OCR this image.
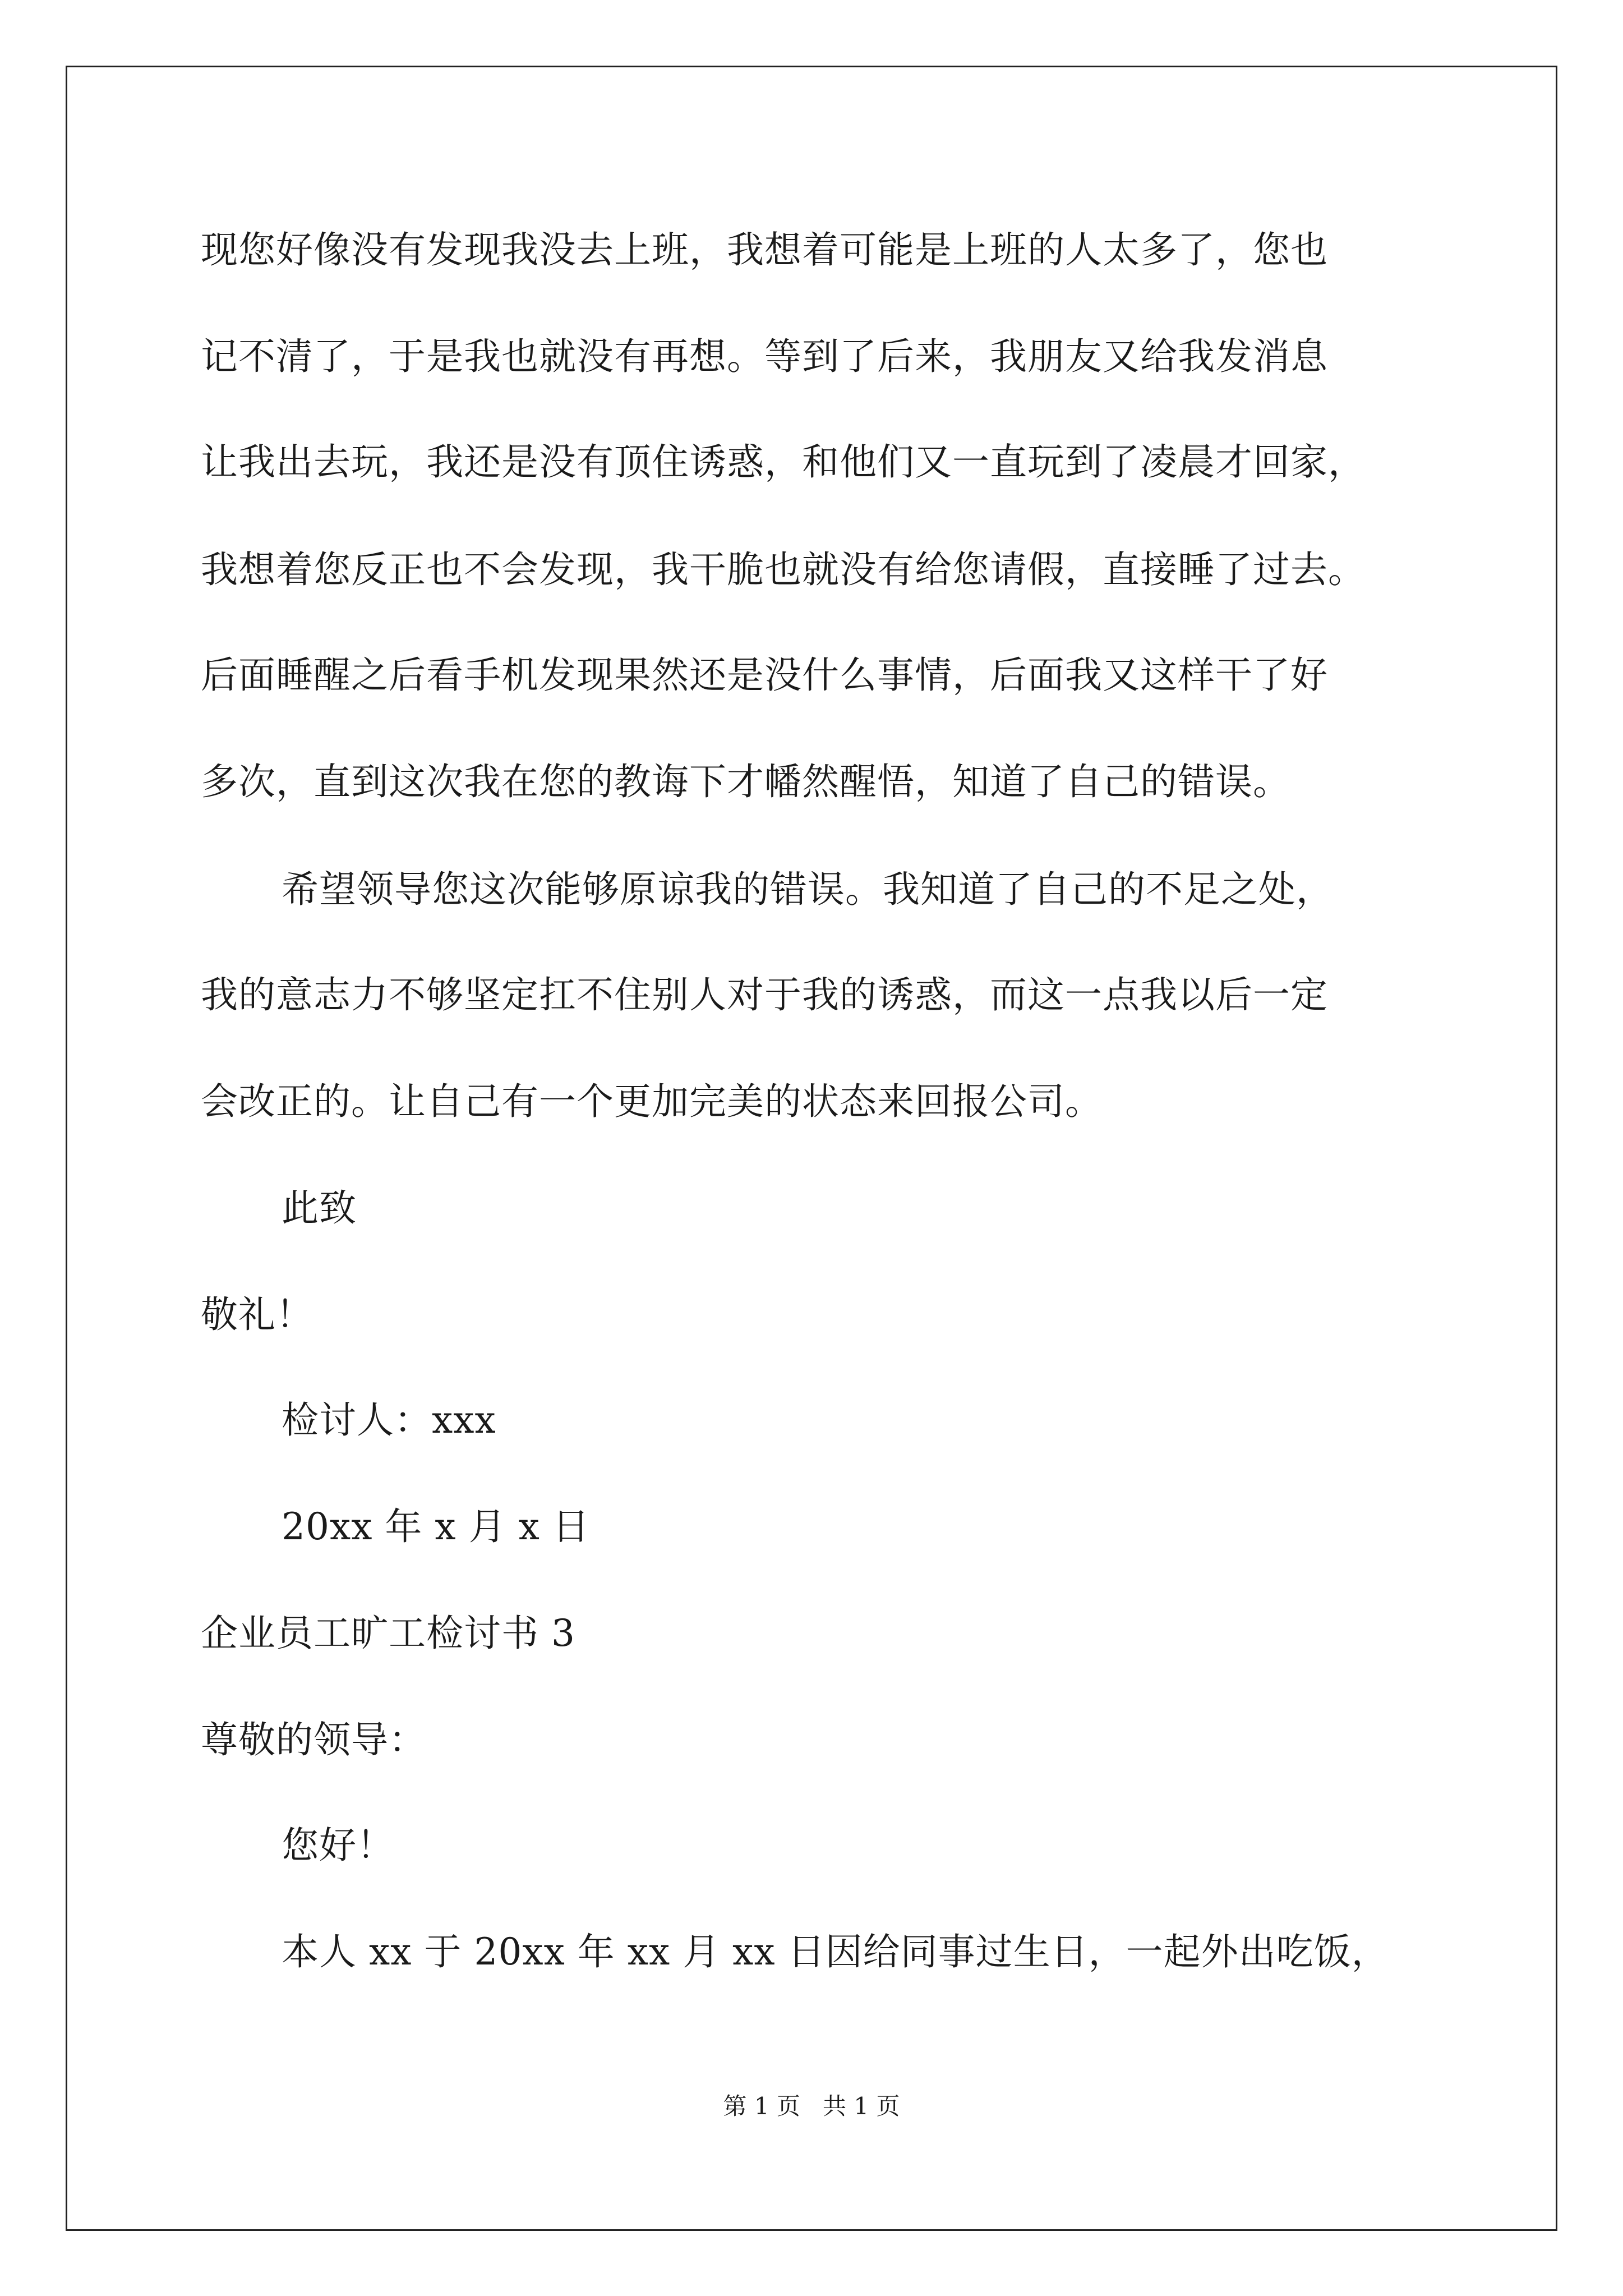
现您好像没有发现我没去上班，我想着可能是上班的人太多了，您也
记不清了，于是我也就没有再想。等到了后来，我朋友又给我发消息
让我出去玩，我还是没有顶住诱惑，和他们又一直玩到了凌晨才回家，
我想着您反正也不会发现，我干脆也就没有给您请假，直接睡了过去。
后面睡醒之后看手机发现果然还是没什么事情，后面我又这样干了好
多次，直到这次我在您的教诲下才幡然醒悟，知道了自己的错误。
希望领导您这次能够原谅我的错误。我知道了自己的不足之处，
我的意志力不够坚定扛不住别人对于我的诱惑，而这一点我以后一定
会改正的。让自己有一个更加完美的状态来回报公司。
此致
敬礼！
检讨人：xxx
20xx 年 x 月 x 日
企业员工旷工检讨书 3
尊敬的领导：
您好！
本人 xx 于 20xx 年 xx 月 xx 日因给同事过生日，一起外出吃饭，
第 1 页   共 1 页
